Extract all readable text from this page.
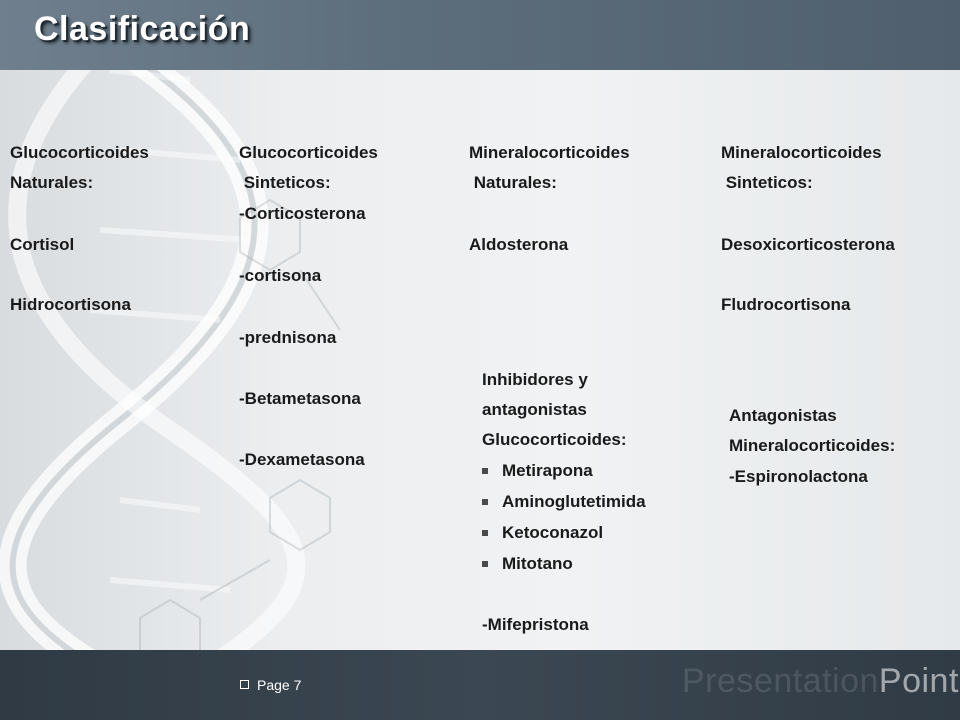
Clasificación
Glucocorticoides
Naturales:
Cortisol
Hidrocortisona
Glucocorticoides
Sinteticos:
-Corticosterona
-cortisona
-prednisona
-Betametasona
-Dexametasona
Mineralocorticoides
Naturales:
Aldosterona
Mineralocorticoides
Sinteticos:
Desoxicorticosterona
Fludrocortisona
Inhibidores y
antagonistas
Glucocorticoides:

Metirapona

Aminoglutetimida

Ketoconazol

Mitotano

-Mifepristona
Antagonistas
Mineralocorticoides:
-Espironolactona
Page 7	PresentationPoint
